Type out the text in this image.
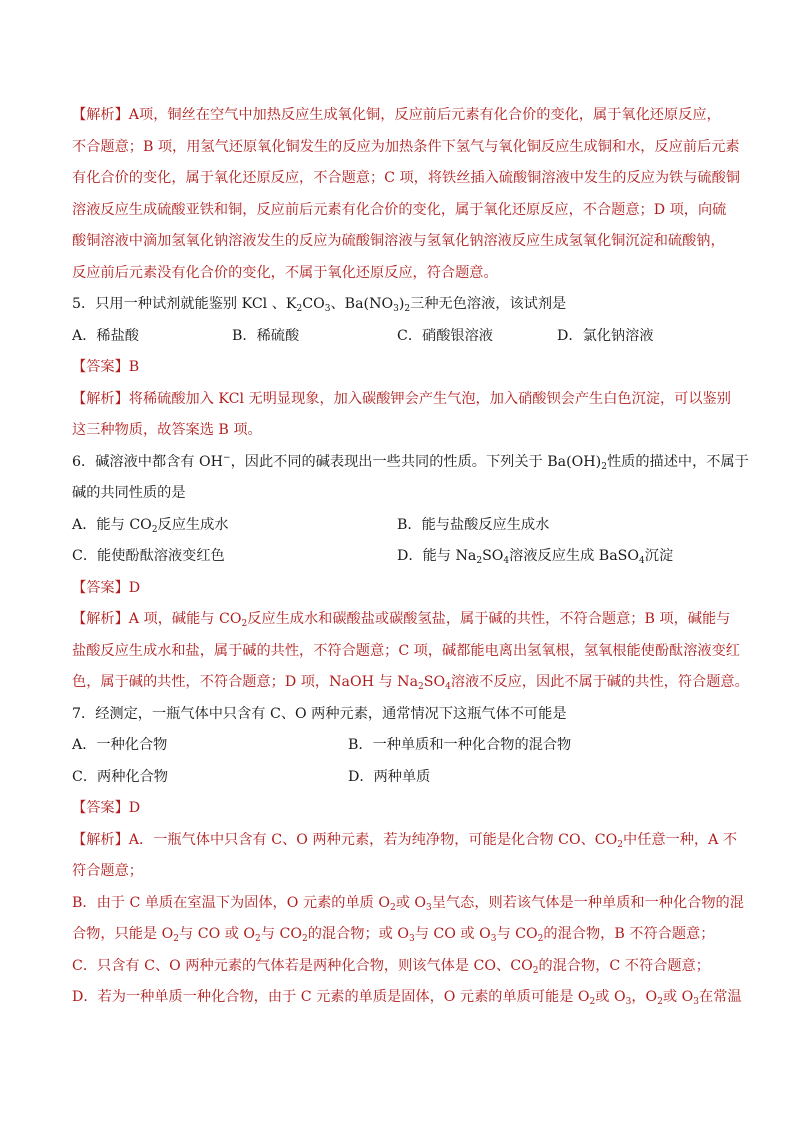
【解析】A项，铜丝在空气中加热反应生成氧化铜，反应前后元素有化合价的变化，属于氧化还原反应，
不合题意；B 项，用氢气还原氧化铜发生的反应为加热条件下氢气与氧化铜反应生成铜和水，反应前后元素
有化合价的变化，属于氧化还原反应，不合题意；C 项，将铁丝插入硫酸铜溶液中发生的反应为铁与硫酸铜
溶液反应生成硫酸亚铁和铜，反应前后元素有化合价的变化，属于氧化还原反应，不合题意；D 项，向硫
酸铜溶液中滴加氢氧化钠溶液发生的反应为硫酸铜溶液与氢氧化钠溶液反应生成氢氧化铜沉淀和硫酸钠，
反应前后元素没有化合价的变化，不属于氧化还原反应，符合题意。
5．只用一种试剂就能鉴别 KCl 、$K_2CO_3$、$Ba(NO_3)_2$三种无色溶液，该试剂是
A．稀盐酸	B．稀硫酸	C．硝酸银溶液	D．氯化钠溶液
【答案】B
【解析】将稀硫酸加入 KCl 无明显现象，加入碳酸钾会产生气泡，加入硝酸钡会产生白色沉淀，可以鉴别
这三种物质，故答案选 B 项。
6．碱溶液中都含有 OH−，因此不同的碱表现出一些共同的性质。下列关于 $Ba(OH)_2$性质的描述中，不属于
碱的共同性质的是
A．能与 $CO_2$反应生成水	B．能与盐酸反应生成水
C．能使酚酞溶液变红色	D．能与 $Na_2SO_4$溶液反应生成 BaSO$_4$沉淀
【答案】D
【解析】A 项，碱能与 $CO_2$反应生成水和碳酸盐或碳酸氢盐，属于碱的共性，不符合题意；B 项，碱能与
盐酸反应生成水和盐，属于碱的共性，不符合题意；C 项，碱都能电离出氢氧根，氢氧根能使酚酞溶液变红
色，属于碱的共性，不符合题意；D 项，NaOH 与 $Na_2SO_4$溶液不反应，因此不属于碱的共性，符合题意。
7．经测定，一瓶气体中只含有 C、O 两种元素，通常情况下这瓶气体不可能是
A．一种化合物	B．一种单质和一种化合物的混合物
C．两种化合物	D．两种单质
【答案】D
【解析】A．一瓶气体中只含有 C、O 两种元素，若为纯净物，可能是化合物 CO、$CO_2$中任意一种，A 不
符合题意；
B．由于 C 单质在室温下为固体，O 元素的单质 $O_2$或 $O_3$呈气态，则若该气体是一种单质和一种化合物的混
合物，只能是 $O_2$与 CO 或 $O_2$与 $CO_2$的混合物；或 $O_3$与 CO 或 $O_3$与 $CO_2$的混合物，B 不符合题意；
C．只含有 C、O 两种元素的气体若是两种化合物，则该气体是 CO、$CO_2$的混合物，C 不符合题意；
D．若为一种单质一种化合物，由于 C 元素的单质是固体，O 元素的单质可能是 $O_2$或 $O_3$，$O_2$或 $O_3$在常温
